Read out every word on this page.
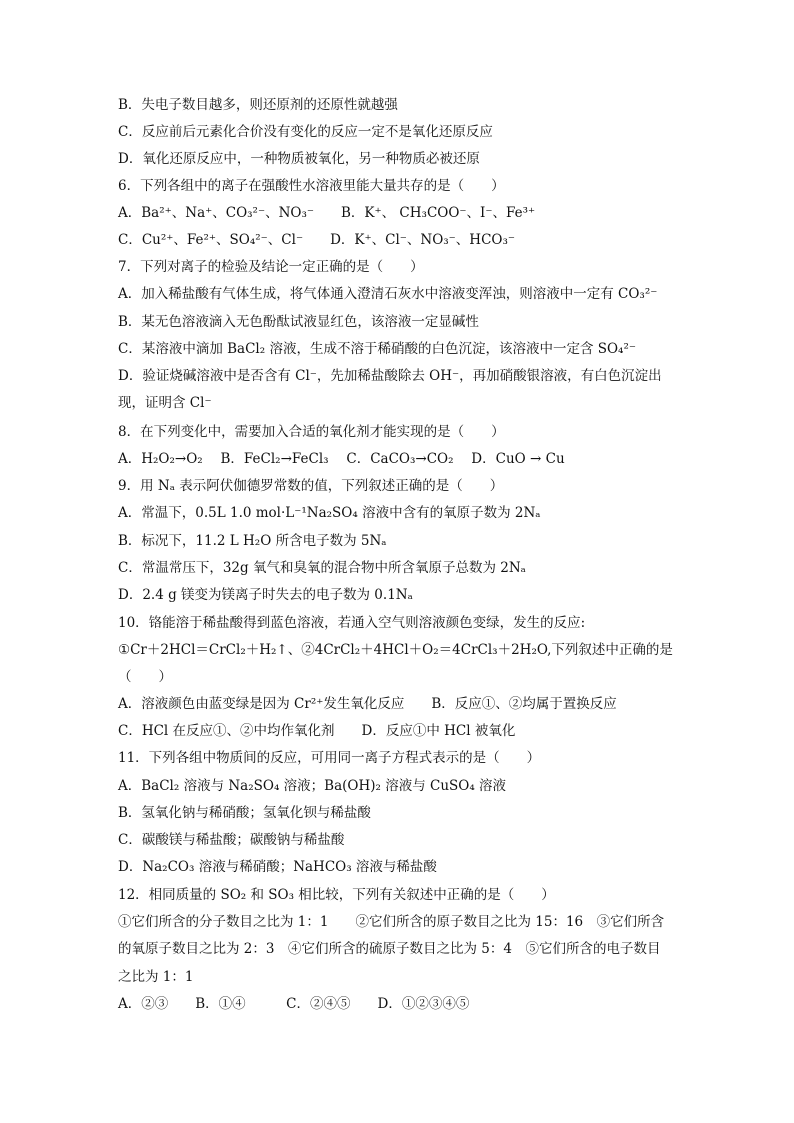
B．失电子数目越多，则还原剂的还原性就越强
C．反应前后元素化合价没有变化的反应一定不是氧化还原反应
D．氧化还原反应中，一种物质被氧化，另一种物质必被还原
6．下列各组中的离子在强酸性水溶液里能大量共存的是（　　）
A．Ba²⁺、Na⁺、CO₃²⁻、NO₃⁻　　B．K⁺、 CH₃COO⁻、I⁻、Fe³⁺
C．Cu²⁺、Fe²⁺、SO₄²⁻、Cl⁻　　D．K⁺、Cl⁻、NO₃⁻、HCO₃⁻
7．下列对离子的检验及结论一定正确的是（　　）
A．加入稀盐酸有气体生成，将气体通入澄清石灰水中溶液变浑浊，则溶液中一定有 CO₃²⁻
B．某无色溶液滴入无色酚酞试液显红色，该溶液一定显碱性
C．某溶液中滴加 BaCl₂ 溶液，生成不溶于稀硝酸的白色沉淀，该溶液中一定含 SO₄²⁻
D．验证烧碱溶液中是否含有 Cl⁻，先加稀盐酸除去 OH⁻，再加硝酸银溶液，有白色沉淀出
现，证明含 Cl⁻
8．在下列变化中，需要加入合适的氧化剂才能实现的是（　　）
A．H₂O₂→O₂　 B．FeCl₂→FeCl₃　 C．CaCO₃→CO₂　 D．CuO → Cu
9．用 Nₐ 表示阿伏伽德罗常数的值，下列叙述正确的是（　　）
A．常温下，0.5L 1.0 mol·L⁻¹Na₂SO₄ 溶液中含有的氧原子数为 2Nₐ
B．标况下，11.2 L H₂O 所含电子数为 5Nₐ
C．常温常压下，32g 氧气和臭氧的混合物中所含氧原子总数为 2Nₐ
D．2.4 g 镁变为镁离子时失去的电子数为 0.1Nₐ
10．铬能溶于稀盐酸得到蓝色溶液，若通入空气则溶液颜色变绿，发生的反应:
①Cr＋2HCl＝CrCl₂＋H₂↑、②4CrCl₂＋4HCl＋O₂＝4CrCl₃＋2H₂O,下列叙述中正确的是
（　　）
A．溶液颜色由蓝变绿是因为 Cr²⁺发生氧化反应　　B．反应①、②均属于置换反应
C．HCl 在反应①、②中均作氧化剂　　D．反应①中 HCl 被氧化
11．下列各组中物质间的反应，可用同一离子方程式表示的是（　　）
A．BaCl₂ 溶液与 Na₂SO₄ 溶液；Ba(OH)₂ 溶液与 CuSO₄ 溶液
B．氢氧化钠与稀硝酸；氢氧化钡与稀盐酸
C．碳酸镁与稀盐酸；碳酸钠与稀盐酸
D．Na₂CO₃ 溶液与稀硝酸；NaHCO₃ 溶液与稀盐酸
12．相同质量的 SO₂ 和 SO₃ 相比较，下列有关叙述中正确的是（　　）
①它们所含的分子数目之比为 1：1　　②它们所含的原子数目之比为 15：16　③它们所含
的氧原子数目之比为 2：3　④它们所含的硫原子数目之比为 5：4　⑤它们所含的电子数目
之比为 1：1
A．②③　　B．①④　　　C．②④⑤　　D．①②③④⑤
